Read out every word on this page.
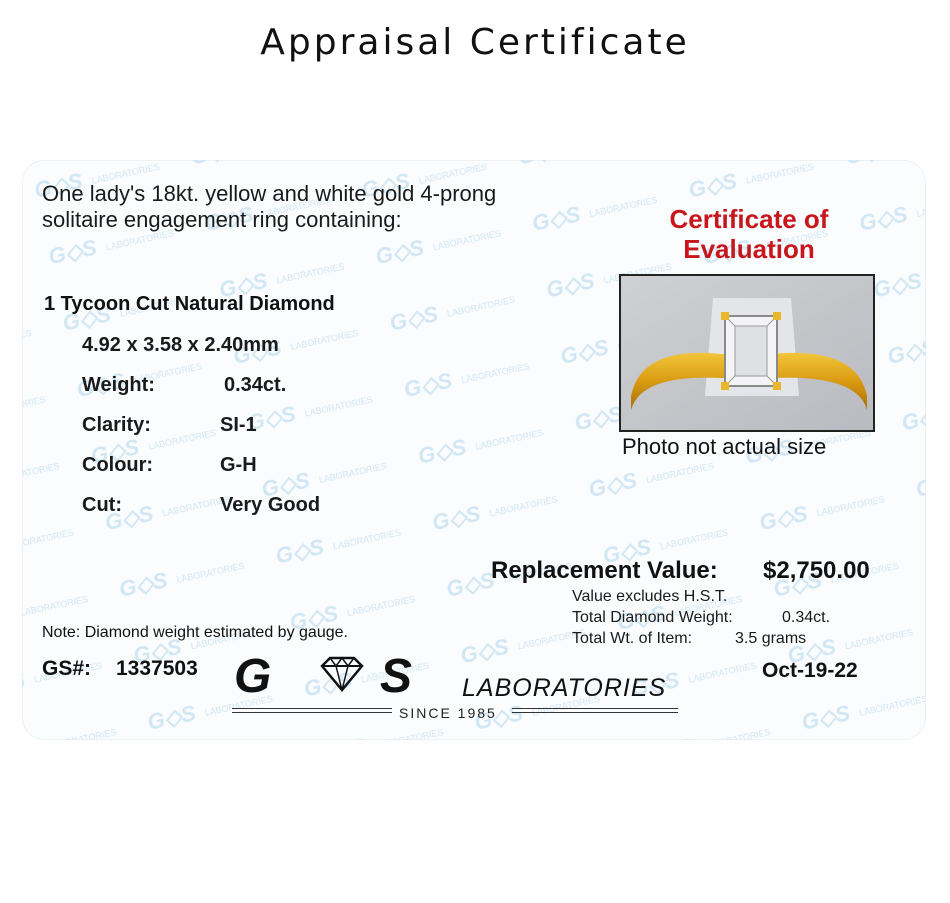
Appraisal Certificate
One lady's 18kt. yellow and white gold 4-prong
solitaire engagement ring containing:
1 Tycoon Cut Natural Diamond
4.92 x 3.58 x 2.40mm
Weight:	0.34ct.
Clarity:	SI-1
Colour:	G-H
Cut:	Very Good
Certificate of
Evaluation
Photo not actual size
Replacement Value: $2,750.00
Value excludes H.S.T.
Total Diamond Weight:	0.34ct.
Total Wt. of Item:	3.5 grams
Note: Diamond weight estimated by gauge.
GS#: 1337503	Oct-19-22
G S LABORATORIES
SINCE 1985
